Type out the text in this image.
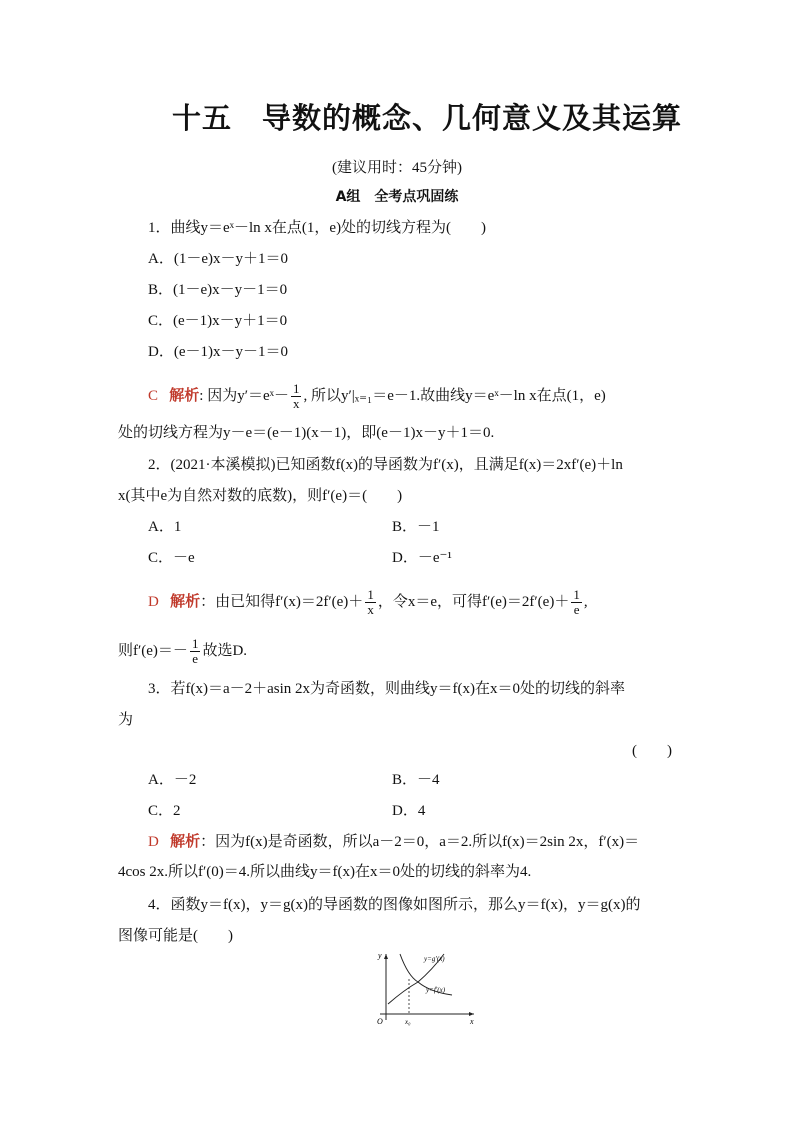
十五　导数的概念、几何意义及其运算
(建议用时：45分钟)
A组　全考点巩固练
1．曲线y＝eˣ－ln x在点(1，e)处的切线方程为(　　)
A．(1－e)x－y＋1＝0
B．(1－e)x－y－1＝0
C．(e－1)x－y＋1＝0
D．(e－1)x－y－1＝0
C 解析: 因为y′＝eˣ－ $\frac{1}{x}$ , 所以y′|ₓ₌₁＝e－1.故曲线y＝eˣ－ln x在点(1，e)
处的切线方程为y－e＝(e－1)(x－1)，即(e－1)x－y＋1＝0.
2．(2021·本溪模拟)已知函数f(x)的导函数为f′(x)，且满足f(x)＝2xf′(e)＋ln
x(其中e为自然对数的底数)，则f′(e)＝(　　)
A．1	B．－1
C．－e	D．－e⁻¹
D 解析：由已知得$f'(x)=2f'(e)+ \frac{1}{x}$ ，令x＝e，可得$f'(e)=2f'(e)+ \frac{1}{e}$ ,
则$f'(e)=- \frac{1}{e}$ 故选D.
3．若f(x)＝a－2＋asin 2x为奇函数，则曲线y＝f(x)在x＝0处的切线的斜率
为
(　　)
A．－2	B．－4
C．2	D．4
D 解析：因为f(x)是奇函数，所以a－2＝0，a＝2.所以f(x)＝2sin 2x，f′(x)＝
4cos 2x.所以f′(0)＝4.所以曲线y＝f(x)在x＝0处的切线的斜率为4.
4．函数y＝f(x)，y＝g(x)的导函数的图像如图所示，那么y＝f(x)，y＝g(x)的
图像可能是(　　)
y
x
O	x₀
y=g′(x)
y=f′(x)
